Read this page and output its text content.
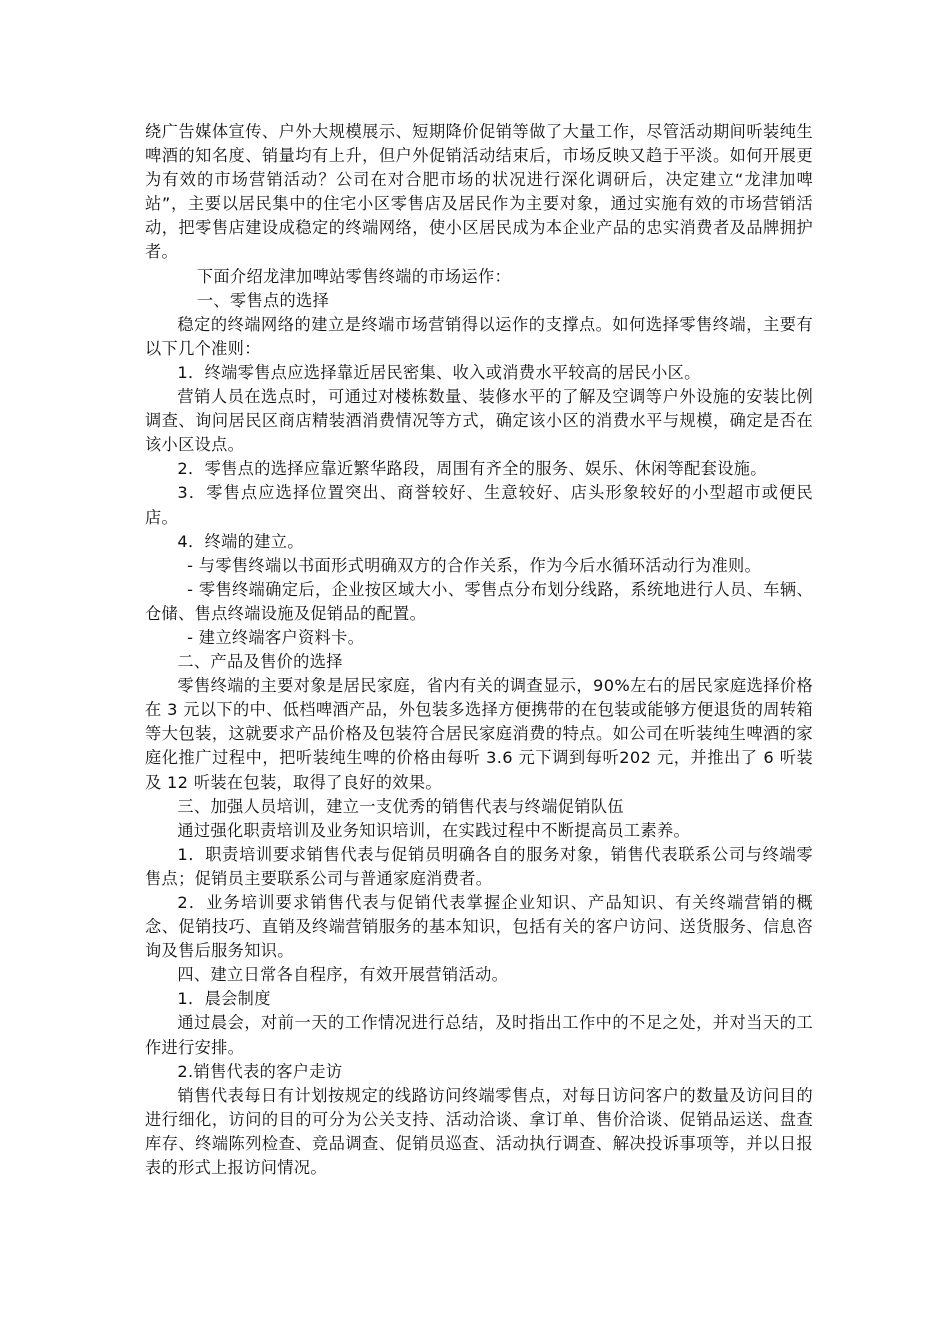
绕广告媒体宣传、户外大规模展示、短期降价促销等做了大量工作，尽管活动期间听装纯生啤酒的知名度、销量均有上升，但户外促销活动结束后，市场反映又趋于平淡。如何开展更为有效的市场营销活动？公司在对合肥市场的状况进行深化调研后，决定建立“龙津加啤站”，主要以居民集中的住宅小区零售店及居民作为主要对象，通过实施有效的市场营销活动，把零售店建设成稳定的终端网络，使小区居民成为本企业产品的忠实消费者及品牌拥护者。

下面介绍龙津加啤站零售终端的市场运作：

一、零售点的选择

稳定的终端网络的建立是终端市场营销得以运作的支撑点。如何选择零售终端，主要有以下几个准则：

1．终端零售点应选择靠近居民密集、收入或消费水平较高的居民小区。

营销人员在选点时，可通过对楼栋数量、装修水平的了解及空调等户外设施的安装比例调查、询问居民区商店精装酒消费情况等方式，确定该小区的消费水平与规模，确定是否在该小区设点。

2．零售点的选择应靠近繁华路段，周围有齐全的服务、娱乐、休闲等配套设施。

3．零售点应选择位置突出、商誉较好、生意较好、店头形象较好的小型超市或便民店。

4．终端的建立。

- 与零售终端以书面形式明确双方的合作关系，作为今后水循环活动行为准则。

- 零售终端确定后，企业按区域大小、零售点分布划分线路，系统地进行人员、车辆、仓储、售点终端设施及促销品的配置。

- 建立终端客户资料卡。

二、产品及售价的选择

零售终端的主要对象是居民家庭，省内有关的调查显示，90%左右的居民家庭选择价格在 3 元以下的中、低档啤酒产品，外包装多选择方便携带的在包装或能够方便退货的周转箱等大包装，这就要求产品价格及包装符合居民家庭消费的特点。如公司在听装纯生啤酒的家庭化推广过程中，把听装纯生啤的价格由每听 3.6 元下调到每听202 元，并推出了 6 听装及 12 听装在包装，取得了良好的效果。

三、加强人员培训，建立一支优秀的销售代表与终端促销队伍

通过强化职责培训及业务知识培训，在实践过程中不断提高员工素养。

1．职责培训要求销售代表与促销员明确各自的服务对象，销售代表联系公司与终端零售点；促销员主要联系公司与普通家庭消费者。

2．业务培训要求销售代表与促销代表掌握企业知识、产品知识、有关终端营销的概念、促销技巧、直销及终端营销服务的基本知识，包括有关的客户访问、送货服务、信息咨询及售后服务知识。

四、建立日常各自程序，有效开展营销活动。

1．晨会制度

通过晨会，对前一天的工作情况进行总结，及时指出工作中的不足之处，并对当天的工作进行安排。

2.销售代表的客户走访

销售代表每日有计划按规定的线路访问终端零售点，对每日访问客户的数量及访问目的进行细化，访问的目的可分为公关支持、活动洽谈、拿订单、售价洽谈、促销品运送、盘查库存、终端陈列检查、竞品调查、促销员巡查、活动执行调查、解决投诉事项等，并以日报表的形式上报访问情况。
